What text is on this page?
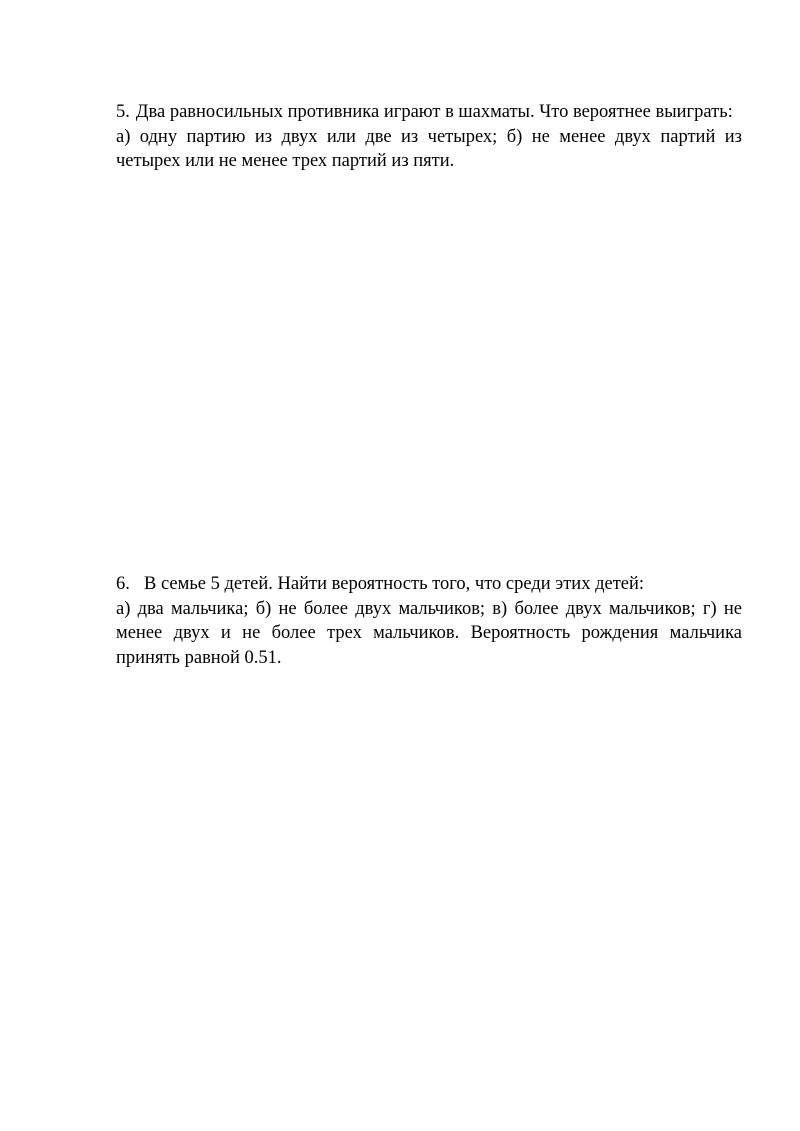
5. Два равносильных противника играют в шахматы. Что вероятнее выиграть:

а) одну партию из двух или две из четырех; б) не менее двух партий из четырех или не менее трех партий из пяти.

6. В семье 5 детей. Найти вероятность того, что среди этих детей:

а) два мальчика; б) не более двух мальчиков; в) более двух мальчиков; г) не менее двух и не более трех мальчиков. Вероятность рождения мальчика принять равной 0.51.
